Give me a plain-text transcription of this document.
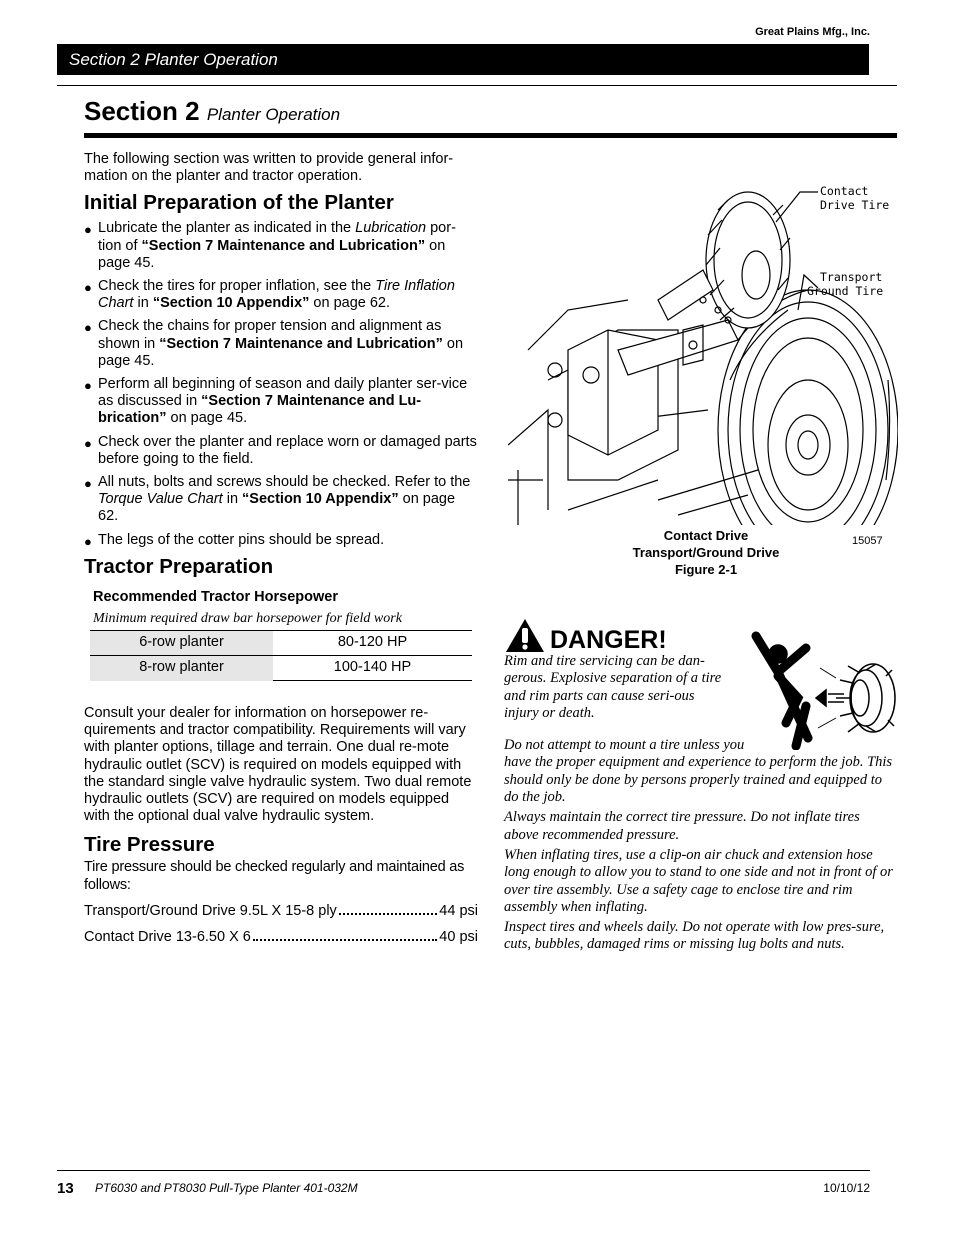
Great Plains Mfg., Inc.
Section 2 Planter Operation
Section 2 Planter Operation

The following section was written to provide general infor-mation on the planter and tractor operation.

Initial Preparation of the Planter
● Lubricate the planter as indicated in the Lubrication por-tion of “Section 7 Maintenance and Lubrication” on page 45.
● Check the tires for proper inflation, see the Tire Inflation Chart in “Section 10 Appendix” on page 62.
● Check the chains for proper tension and alignment as shown in “Section 7 Maintenance and Lubrication” on page 45.
● Perform all beginning of season and daily planter ser-vice as discussed in “Section 7 Maintenance and Lu-brication” on page 45.
● Check over the planter and replace worn or damaged parts before going to the field.
● All nuts, bolts and screws should be checked. Refer to the Torque Value Chart in “Section 10 Appendix” on page 62.
● The legs of the cotter pins should be spread.
Tractor Preparation
Recommended Tractor Horsepower
Minimum required draw bar horsepower for field work
6-row planter	80-120 HP
8-row planter	100-140 HP

Consult your dealer for information on horsepower re-quirements and tractor compatibility. Requirements will vary with planter options, tillage and terrain. One dual re-mote hydraulic outlet (SCV) is required on models equipped with the standard single valve hydraulic system. Two dual remote hydraulic outlets (SCV) are required on models equipped with the optional dual valve hydraulic system.

Tire Pressure

Tire pressure should be checked regularly and maintained as follows:

Transport/Ground Drive 9.5L X 15-8 ply	44 psi
Contact Drive 13-6.50 X 6	40 psi
Contact
Drive Tire
Transport
Ground Tire
Contact Drive
Transport/Ground Drive
Figure 2-1
15057
DANGER!

Rim and tire servicing can be dan-gerous. Explosive separation of a tire and rim parts can cause seri-ous injury or death.

Do not attempt to mount a tire unless you

have the proper equipment and experience to perform the job. This should only be done by persons properly trained and equipped to do the job.

Always maintain the correct tire pressure. Do not inflate tires above recommended pressure.

When inflating tires, use a clip-on air chuck and extension hose long enough to allow you to stand to one side and not in front of or over tire assembly. Use a safety cage to enclose tire and rim assembly when inflating.

Inspect tires and wheels daily. Do not operate with low pres-sure, cuts, bubbles, damaged rims or missing lug bolts and nuts.

13 PT6030 and PT8030 Pull-Type Planter 401-032M	10/10/12
